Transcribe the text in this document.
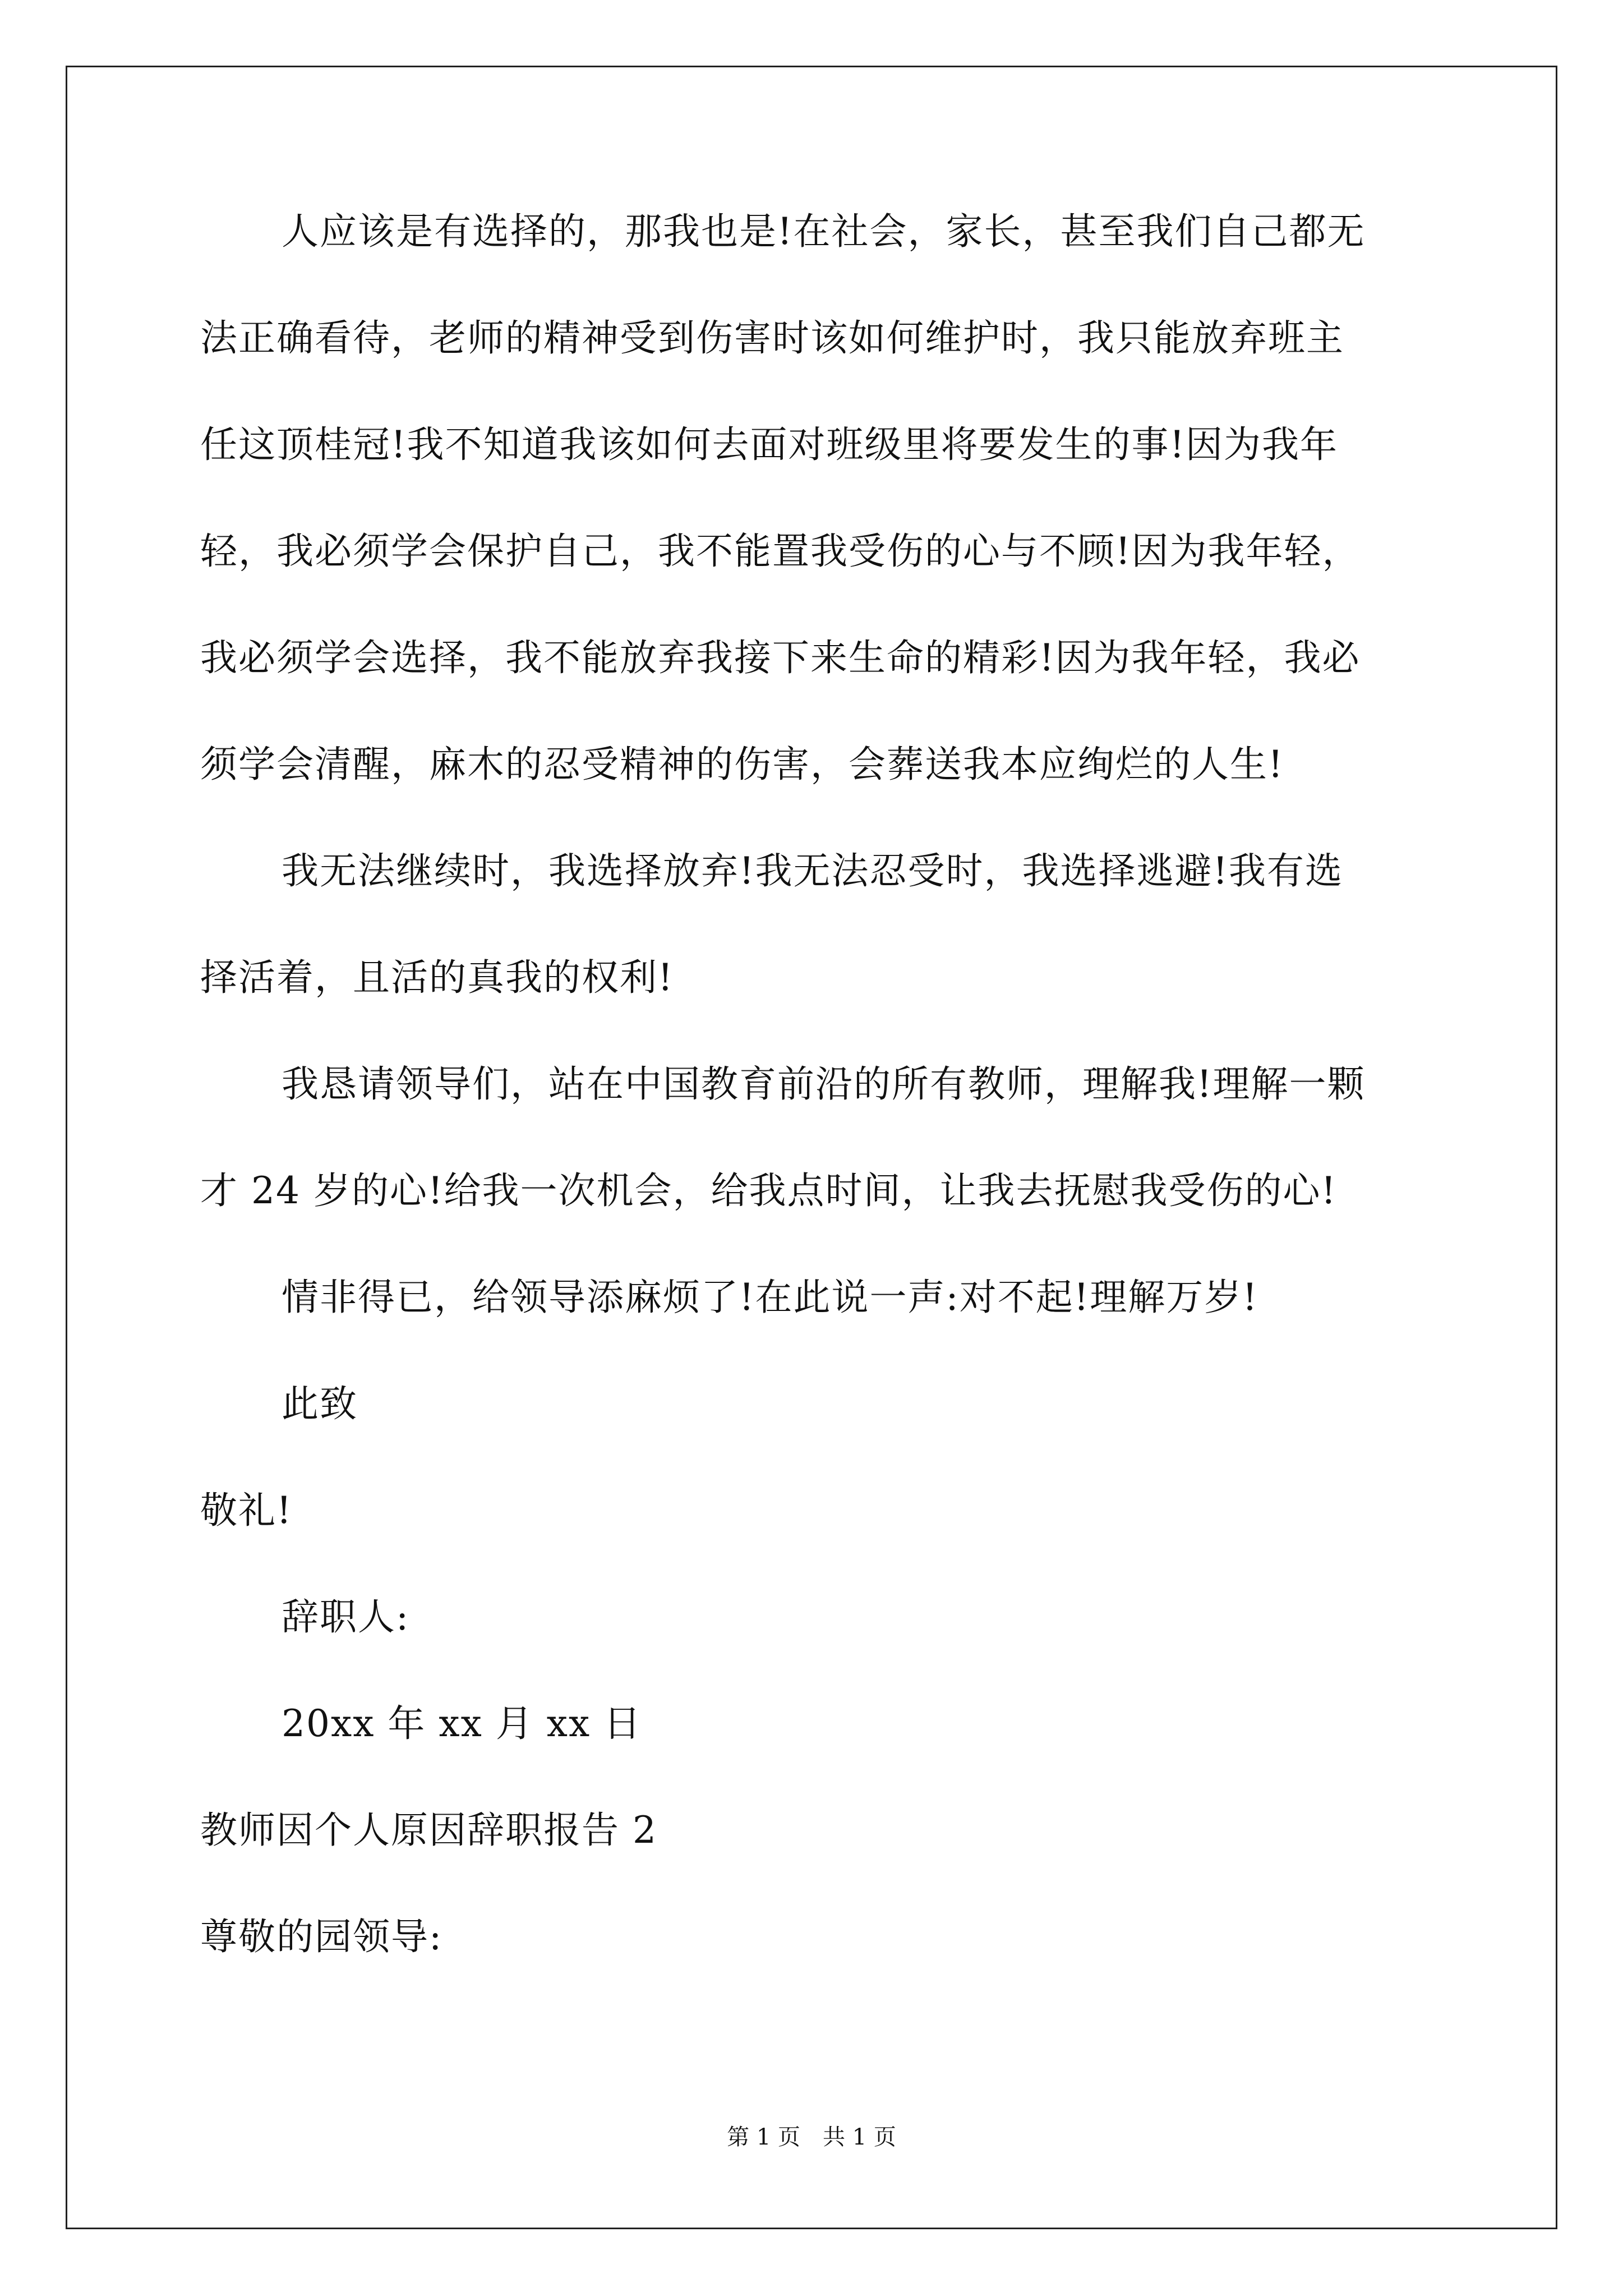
人应该是有选择的，那我也是!在社会，家长，甚至我们自己都无
法正确看待，老师的精神受到伤害时该如何维护时，我只能放弃班主
任这顶桂冠!我不知道我该如何去面对班级里将要发生的事!因为我年
轻，我必须学会保护自己，我不能置我受伤的心与不顾!因为我年轻，
我必须学会选择，我不能放弃我接下来生命的精彩!因为我年轻，我必
须学会清醒，麻木的忍受精神的伤害，会葬送我本应绚烂的人生!
我无法继续时，我选择放弃!我无法忍受时，我选择逃避!我有选
择活着，且活的真我的权利!
我恳请领导们，站在中国教育前沿的所有教师，理解我!理解一颗
才 24 岁的心!给我一次机会，给我点时间，让我去抚慰我受伤的心!
情非得已，给领导添麻烦了!在此说一声:对不起!理解万岁!
此致
敬礼!
辞职人:
20xx 年 xx 月 xx 日
教师因个人原因辞职报告 2
尊敬的园领导:
第 1 页　共 1 页
